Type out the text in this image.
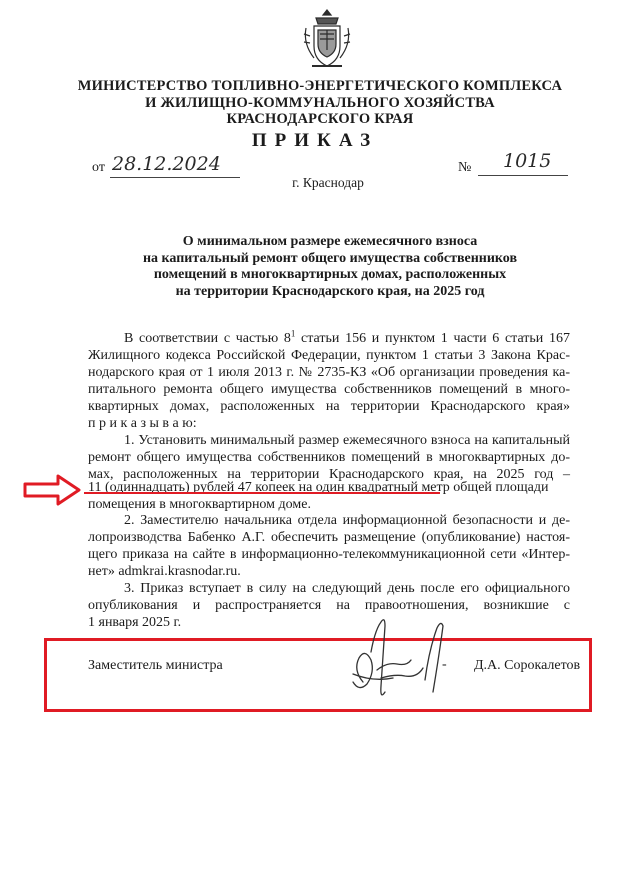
МИНИСТЕРСТВО ТОПЛИВНО-ЭНЕРГЕТИЧЕСКОГО КОМПЛЕКСА
И ЖИЛИЩНО-КОММУНАЛЬНОГО ХОЗЯЙСТВА
КРАСНОДАРСКОГО КРАЯ
ПРИКАЗ
от 28.12.2024	№ 1015
г. Краснодар
О минимальном размере ежемесячного взноса
на капитальный ремонт общего имущества собственников
помещений в многоквартирных домах, расположенных
на территории Краснодарского края, на 2025 год
В соответствии с частью $8^1$ статьи 156 и пунктом 1 части 6 статьи 167
Жилищного кодекса Российской Федерации, пунктом 1 статьи 3 Закона Крас-
нодарского края от 1 июля 2013 г. № 2735-КЗ «Об организации проведения ка-
питального ремонта общего имущества собственников помещений в много-
квартирных домах, расположенных на территории Краснодарского края»
п р и к а з ы в а ю:
1. Установить минимальный размер ежемесячного взноса на капитальный
ремонт общего имущества собственников помещений в многоквартирных до-
мах, расположенных на территории Краснодарского края, на 2025 год –
11 (одиннадцать) рублей 47 копеек на один квадратный метр общей площади
помещения в многоквартирном доме.
2. Заместителю начальника отдела информационной безопасности и де-
лопроизводства Бабенко А.Г. обеспечить размещение (опубликование) настоя-
щего приказа на сайте в информационно-телекоммуникационной сети «Интер-
нет» admkrai.krasnodar.ru.
3. Приказ вступает в силу на следующий день после его официального
опубликования и распространяется на правоотношения, возникшие с
1 января 2025 г.
Заместитель министра	- Д.А. Сорокалетов
